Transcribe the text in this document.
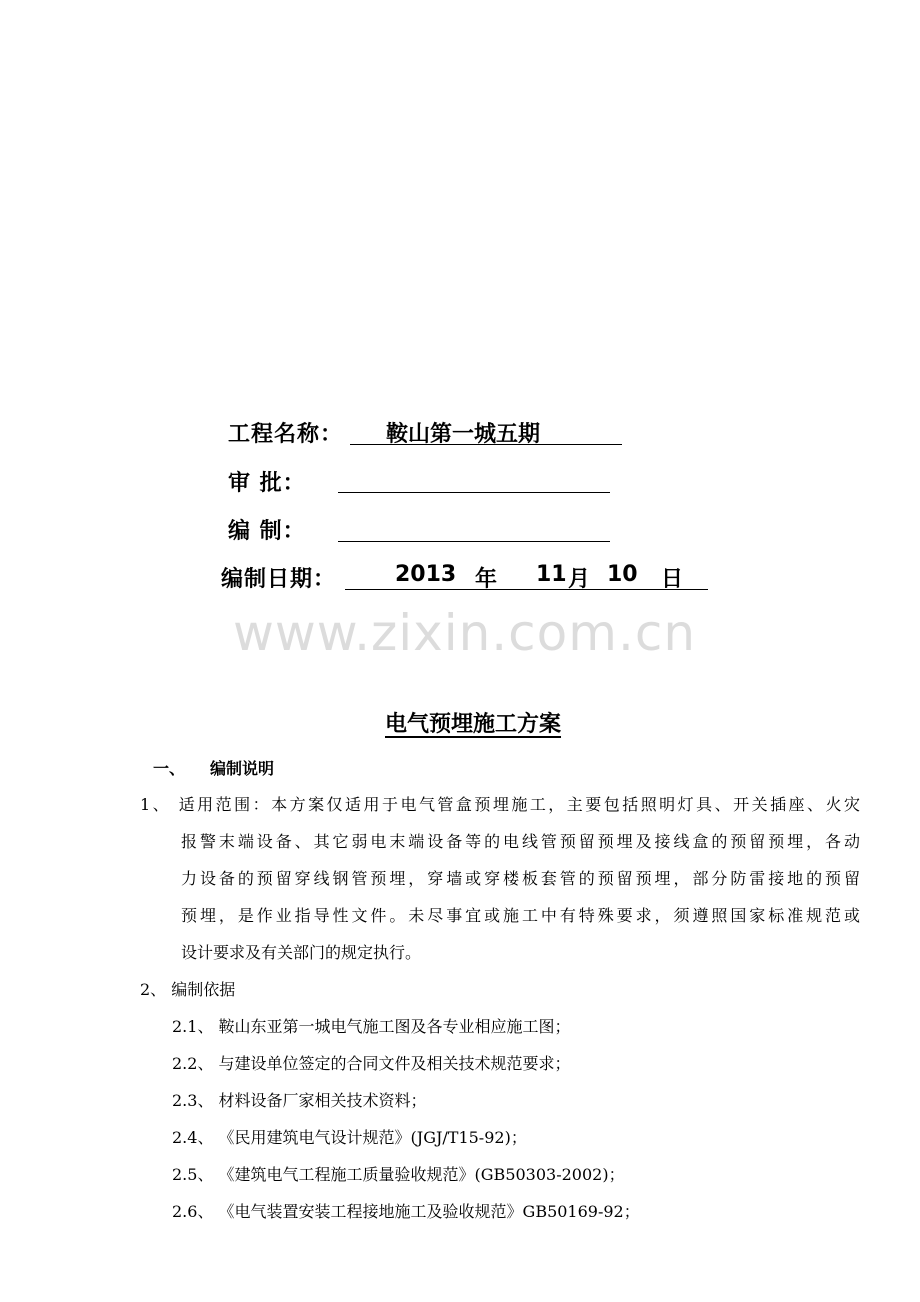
工程名称： 鞍山第一城五期
审 批：
编 制：
编制日期：	2013 年 11 月 10 日
www.zixin.com.cn
电气预埋施工方案
一、 编制说明
1、 适用范围：本方案仅适用于电气管盒预埋施工，主要包括照明灯具、开关插座、火灾
报警末端设备、其它弱电末端设备等的电线管预留预埋及接线盒的预留预埋，各动
力设备的预留穿线钢管预埋，穿墙或穿楼板套管的预留预埋，部分防雷接地的预留
预埋，是作业指导性文件。未尽事宜或施工中有特殊要求，须遵照国家标准规范或
设计要求及有关部门的规定执行。
2、 编制依据
2.1、 鞍山东亚第一城电气施工图及各专业相应施工图；
2.2、 与建设单位签定的合同文件及相关技术规范要求；
2.3、 材料设备厂家相关技术资料；
2.4、 《民用建筑电气设计规范》(JGJ/T15-92)；
2.5、 《建筑电气工程施工质量验收规范》(GB50303-2002)；
2.6、 《电气装置安装工程接地施工及验收规范》GB50169-92；
